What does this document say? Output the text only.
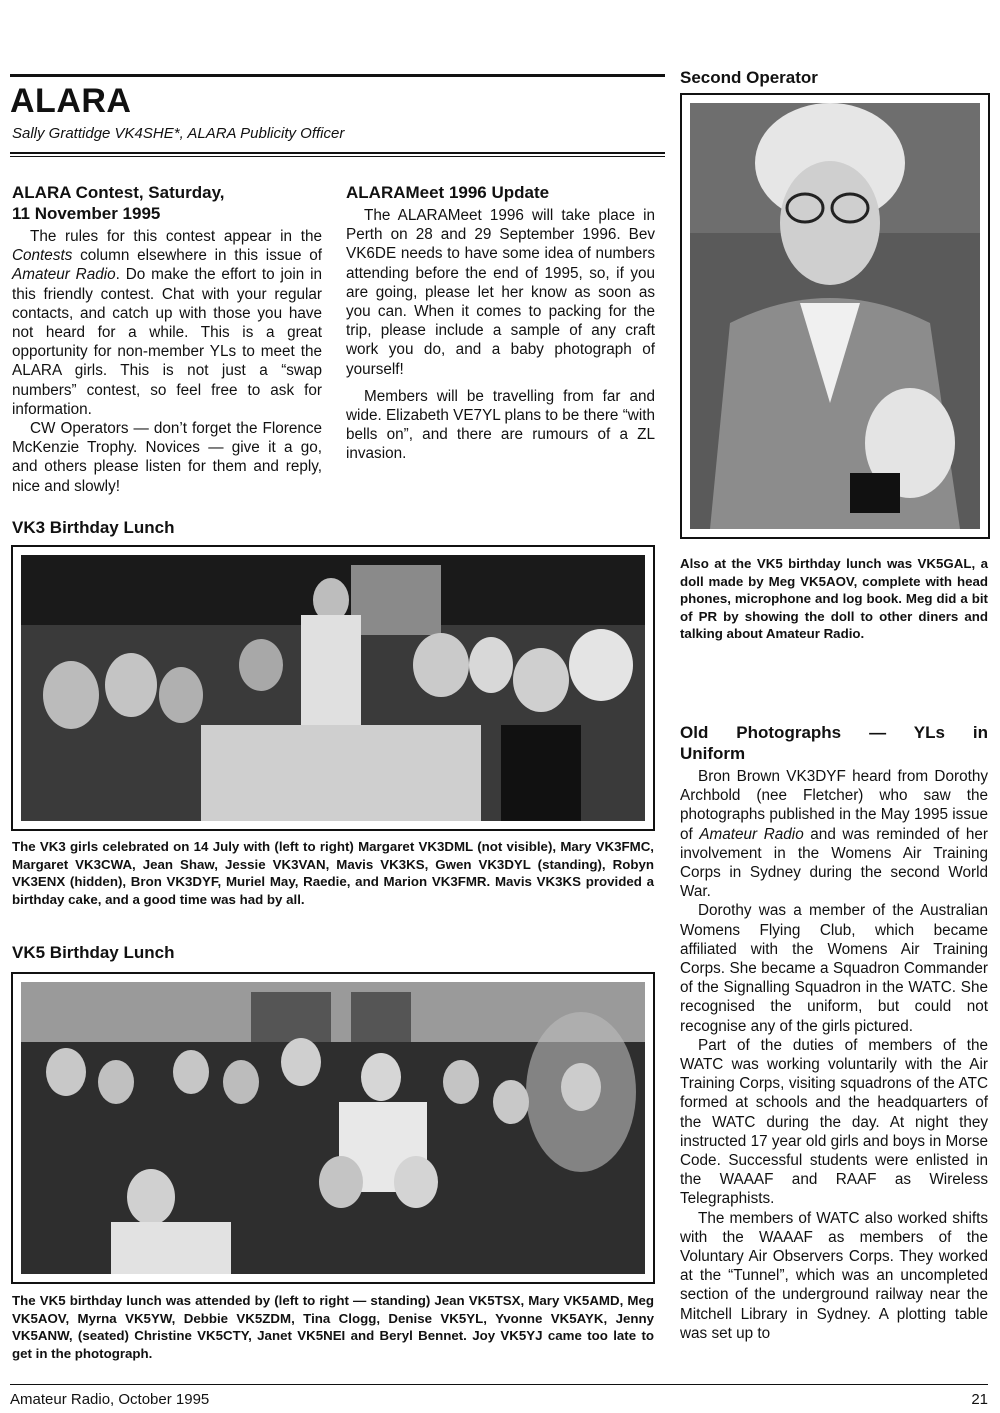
ALARA
Sally Grattidge VK4SHE*, ALARA Publicity Officer
ALARA Contest, Saturday,
11 November 1995

The rules for this contest appear in the Contests column elsewhere in this issue of Amateur Radio. Do make the effort to join in this friendly contest. Chat with your regular contacts, and catch up with those you have not heard for a while. This is a great opportunity for non-member YLs to meet the ALARA girls. This is not just a “swap numbers” contest, so feel free to ask for information.

CW Operators — don’t forget the Florence McKenzie Trophy. Novices — give it a go, and others please listen for them and reply, nice and slowly!

ALARAMeet 1996 Update

The ALARAMeet 1996 will take place in Perth on 28 and 29 September 1996. Bev VK6DE needs to have some idea of numbers attending before the end of 1995, so, if you are going, please let her know as soon as you can. When it comes to packing for the trip, please include a sample of any craft work you do, and a baby photograph of yourself!

Members will be travelling from far and wide. Elizabeth VE7YL plans to be there “with bells on”, and there are rumours of a ZL invasion.

VK3 Birthday Lunch
The VK3 girls celebrated on 14 July with (left to right) Margaret VK3DML (not visible), Mary VK3FMC, Margaret VK3CWA, Jean Shaw, Jessie VK3VAN, Mavis VK3KS, Gwen VK3DYL (standing), Robyn VK3ENX (hidden), Bron VK3DYF, Muriel May, Raedie, and Marion VK3FMR. Mavis VK3KS provided a birthday cake, and a good time was had by all.
VK5 Birthday Lunch
The VK5 birthday lunch was attended by (left to right — standing) Jean VK5TSX, Mary VK5AMD, Meg VK5AOV, Myrna VK5YW, Debbie VK5ZDM, Tina Clogg, Denise VK5YL, Yvonne VK5AYK, Jenny VK5ANW, (seated) Christine VK5CTY, Janet VK5NEI and Beryl Bennet. Joy VK5YJ came too late to get in the photograph.
Second Operator
Also at the VK5 birthday lunch was VK5GAL, a doll made by Meg VK5AOV, complete with head phones, microphone and log book. Meg did a bit of PR by showing the doll to other diners and talking about Amateur Radio.
Old Photographs — YLs in
Uniform

Bron Brown VK3DYF heard from Dorothy Archbold (nee Fletcher) who saw the photographs published in the May 1995 issue of Amateur Radio and was reminded of her involvement in the Womens Air Training Corps in Sydney during the second World War.

Dorothy was a member of the Australian Womens Flying Club, which became affiliated with the Womens Air Training Corps. She became a Squadron Commander of the Signalling Squadron in the WATC. She recognised the uniform, but could not recognise any of the girls pictured.

Part of the duties of members of the WATC was working voluntarily with the Air Training Corps, visiting squadrons of the ATC formed at schools and the headquarters of the WATC during the day. At night they instructed 17 year old girls and boys in Morse Code. Successful students were enlisted in the WAAAF and RAAF as Wireless Telegraphists.

The members of WATC also worked shifts with the WAAAF as members of the Voluntary Air Observers Corps. They worked at the “Tunnel”, which was an uncompleted section of the underground railway near the Mitchell Library in Sydney. A plotting table was set up to

Amateur Radio, October 1995	21
